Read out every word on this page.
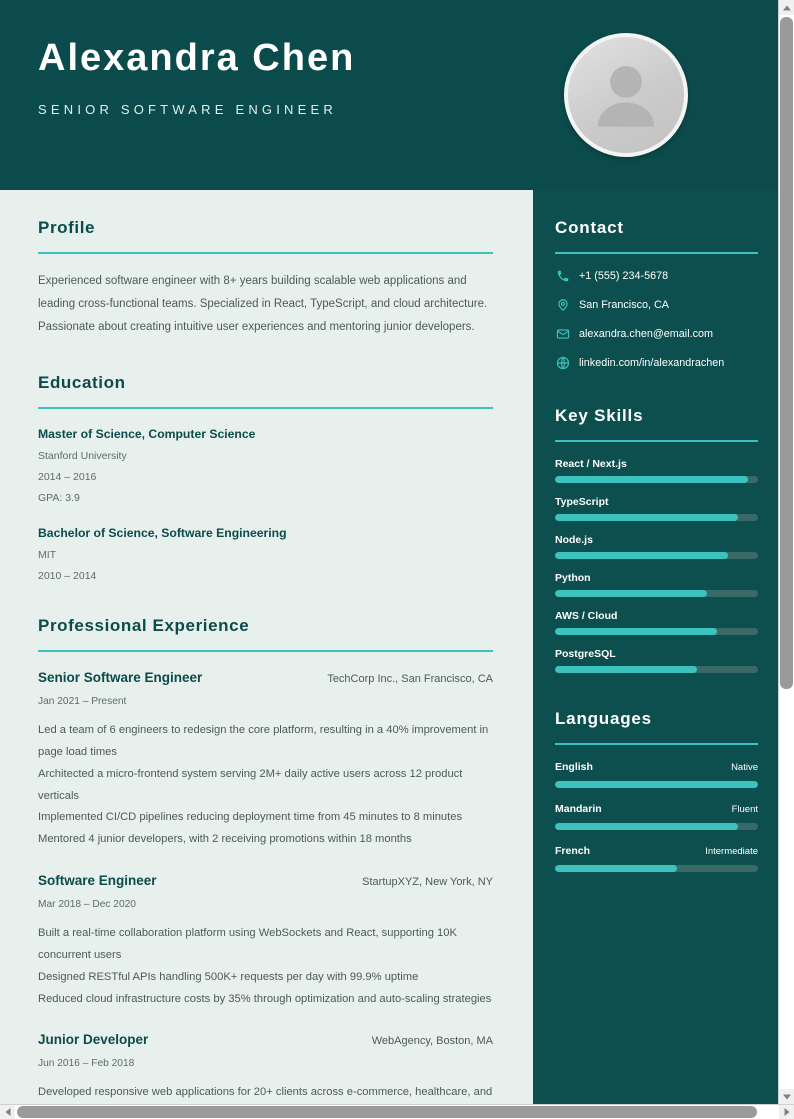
Alexandra Chen
SENIOR SOFTWARE ENGINEER
Profile
Experienced software engineer with 8+ years building scalable web applications and leading cross-functional teams. Specialized in React, TypeScript, and cloud architecture. Passionate about creating intuitive user experiences and mentoring junior developers.
Education
Master of Science, Computer Science
Stanford University
2014 – 2016
GPA: 3.9
Bachelor of Science, Software Engineering
MIT
2010 – 2014
Professional Experience
Senior Software Engineer	TechCorp Inc., San Francisco, CA
Jan 2021 – Present
Led a team of 6 engineers to redesign the core platform, resulting in a 40% improvement in page load times
Architected a micro-frontend system serving 2M+ daily active users across 12 product verticals
Implemented CI/CD pipelines reducing deployment time from 45 minutes to 8 minutes
Mentored 4 junior developers, with 2 receiving promotions within 18 months
Software Engineer	StartupXYZ, New York, NY
Mar 2018 – Dec 2020
Built a real-time collaboration platform using WebSockets and React, supporting 10K concurrent users
Designed RESTful APIs handling 500K+ requests per day with 99.9% uptime
Reduced cloud infrastructure costs by 35% through optimization and auto-scaling strategies
Junior Developer	WebAgency, Boston, MA
Jun 2016 – Feb 2018
Developed responsive web applications for 20+ clients across e-commerce, healthcare, and
Contact
+1 (555) 234-5678
San Francisco, CA
alexandra.chen@email.com
linkedin.com/in/alexandrachen
Key Skills
React / Next.js
TypeScript
Node.js
Python
AWS / Cloud
PostgreSQL
Languages
English	Native
Mandarin	Fluent
French	Intermediate
